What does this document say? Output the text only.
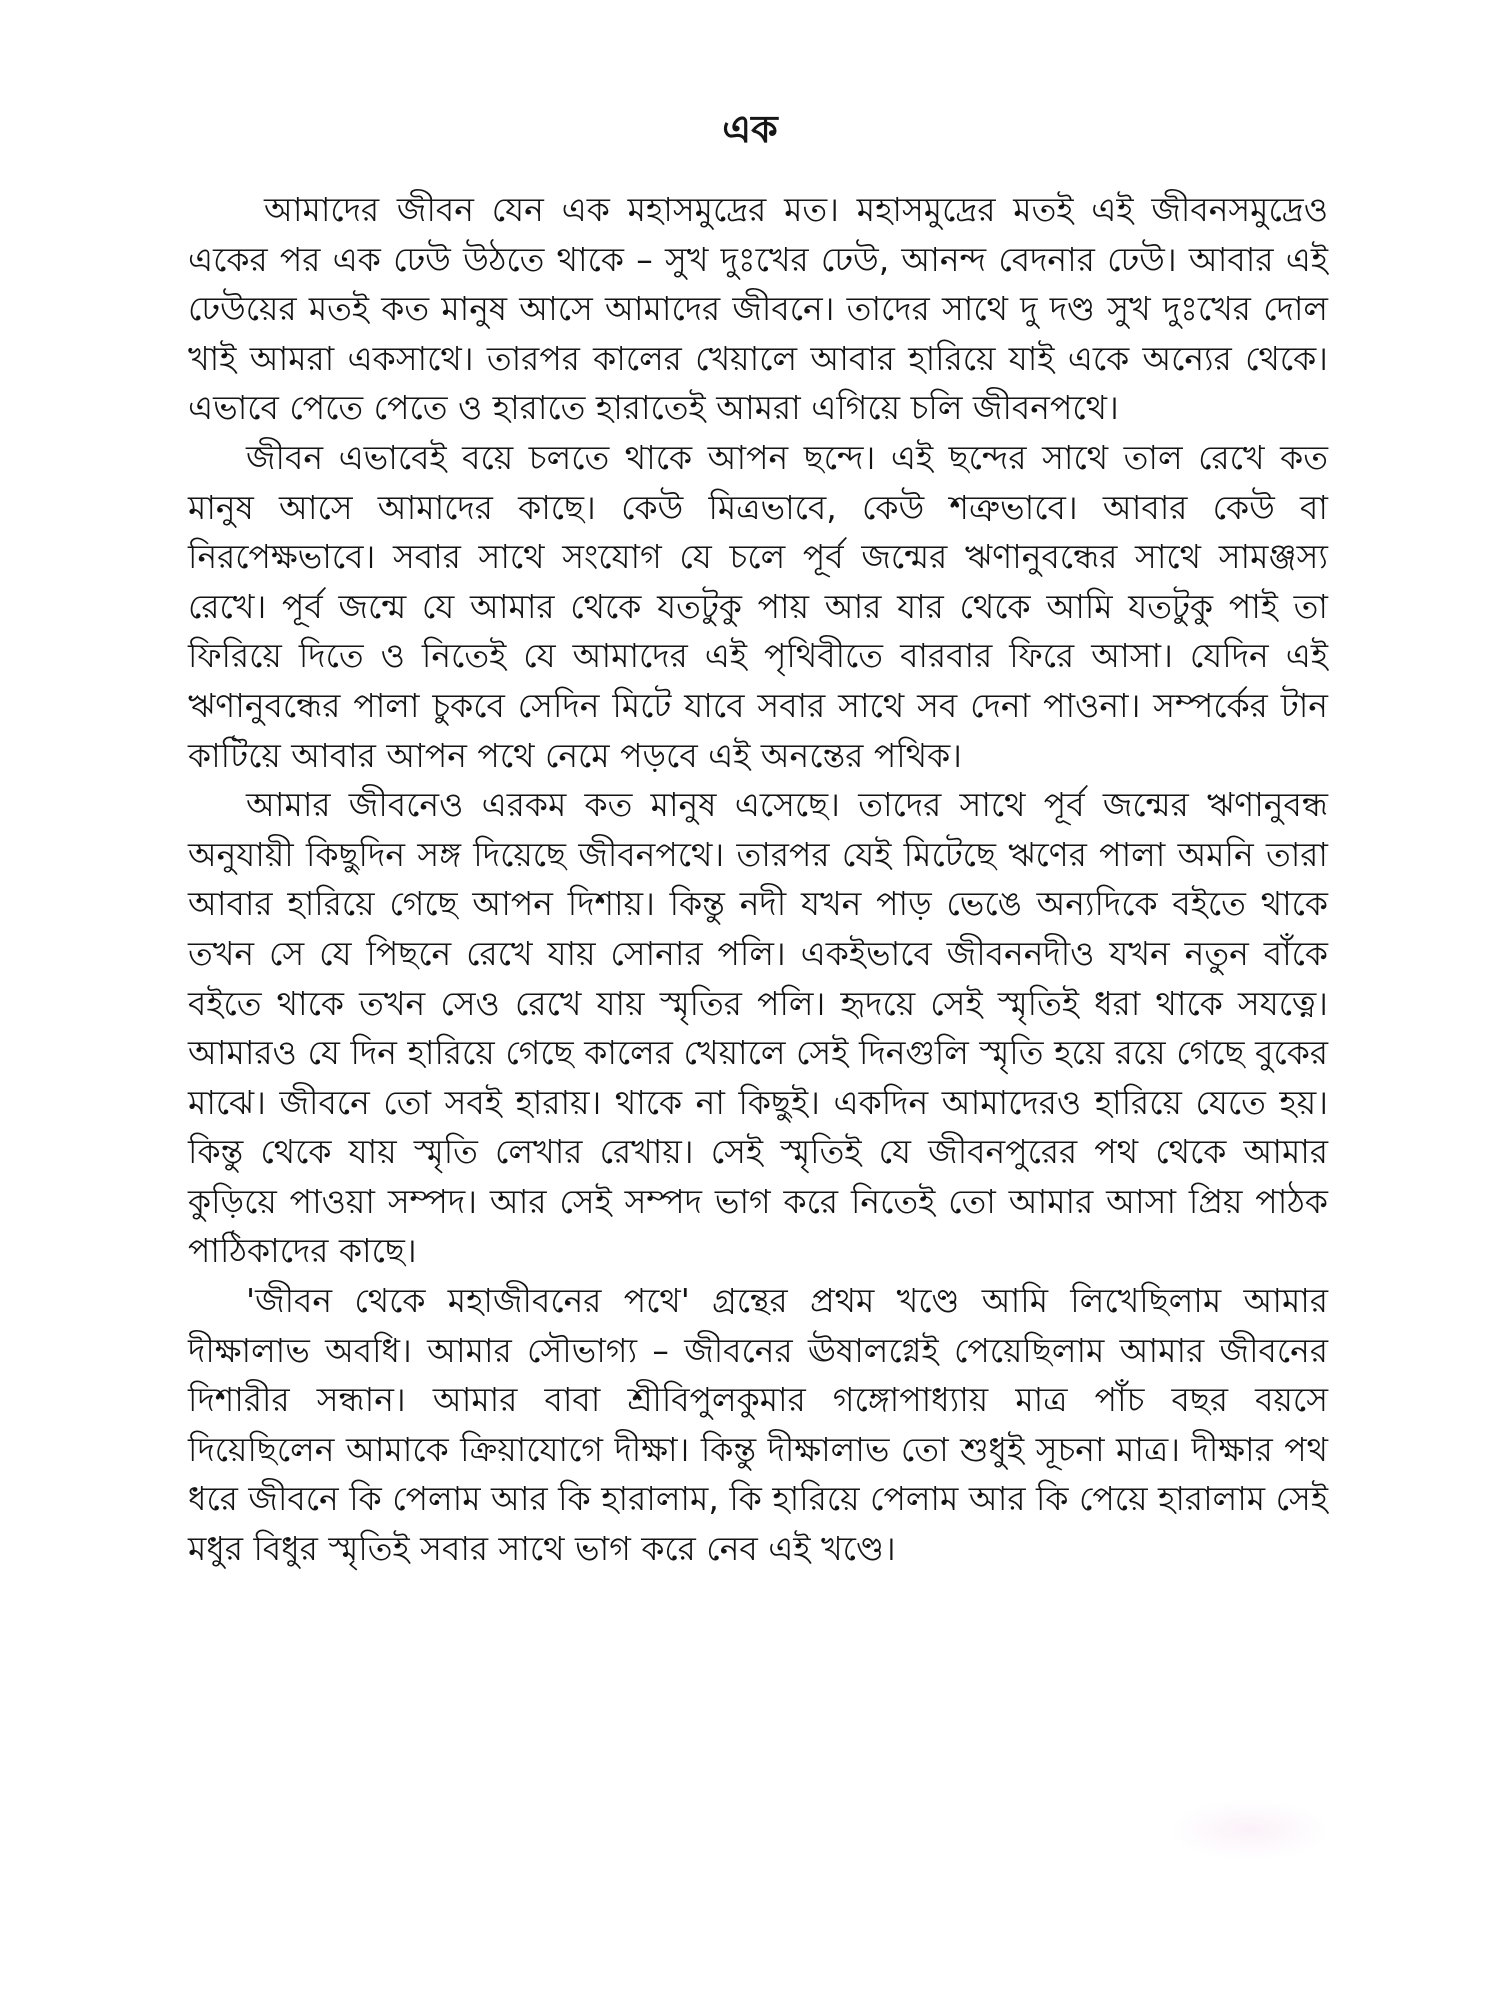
এক

আমাদের জীবন যেন এক মহাসমুদ্রের মত। মহাসমুদ্রের মতই এই জীবনসমুদ্রেও একের পর এক ঢেউ উঠতে থাকে – সুখ দুঃখের ঢেউ, আনন্দ বেদনার ঢেউ। আবার এই ঢেউয়ের মতই কত মানুষ আসে আমাদের জীবনে। তাদের সাথে দু দণ্ড সুখ দুঃখের দোল খাই আমরা একসাথে। তারপর কালের খেয়ালে আবার হারিয়ে যাই একে অন্যের থেকে। এভাবে পেতে পেতে ও হারাতে হারাতেই আমরা এগিয়ে চলি জীবনপথে।

জীবন এভাবেই বয়ে চলতে থাকে আপন ছন্দে। এই ছন্দের সাথে তাল রেখে কত মানুষ আসে আমাদের কাছে। কেউ মিত্রভাবে, কেউ শত্রুভাবে। আবার কেউ বা নিরপেক্ষভাবে। সবার সাথে সংযোগ যে চলে পূর্ব জন্মের ঋণানুবন্ধের সাথে সামঞ্জস্য রেখে। পূর্ব জন্মে যে আমার থেকে যতটুকু পায় আর যার থেকে আমি যতটুকু পাই তা ফিরিয়ে দিতে ও নিতেই যে আমাদের এই পৃথিবীতে বারবার ফিরে আসা। যেদিন এই ঋণানুবন্ধের পালা চুকবে সেদিন মিটে যাবে সবার সাথে সব দেনা পাওনা। সম্পর্কের টান কাটিয়ে আবার আপন পথে নেমে পড়বে এই অনন্তের পথিক।

আমার জীবনেও এরকম কত মানুষ এসেছে। তাদের সাথে পূর্ব জন্মের ঋণানুবন্ধ অনুযায়ী কিছুদিন সঙ্গ দিয়েছে জীবনপথে। তারপর যেই মিটেছে ঋণের পালা অমনি তারা আবার হারিয়ে গেছে আপন দিশায়। কিন্তু নদী যখন পাড় ভেঙে অন্যদিকে বইতে থাকে তখন সে যে পিছনে রেখে যায় সোনার পলি। একইভাবে জীবননদীও যখন নতুন বাঁকে বইতে থাকে তখন সেও রেখে যায় স্মৃতির পলি। হৃদয়ে সেই স্মৃতিই ধরা থাকে সযত্নে। আমারও যে দিন হারিয়ে গেছে কালের খেয়ালে সেই দিনগুলি স্মৃতি হয়ে রয়ে গেছে বুকের মাঝে। জীবনে তো সবই হারায়। থাকে না কিছুই। একদিন আমাদেরও হারিয়ে যেতে হয়। কিন্তু থেকে যায় স্মৃতি লেখার রেখায়। সেই স্মৃতিই যে জীবনপুরের পথ থেকে আমার কুড়িয়ে পাওয়া সম্পদ। আর সেই সম্পদ ভাগ করে নিতেই তো আমার আসা প্রিয় পাঠক পাঠিকাদের কাছে।

'জীবন থেকে মহাজীবনের পথে' গ্রন্থের প্রথম খণ্ডে আমি লিখেছিলাম আমার দীক্ষালাভ অবধি। আমার সৌভাগ্য – জীবনের ঊষালগ্নেই পেয়েছিলাম আমার জীবনের দিশারীর সন্ধান। আমার বাবা শ্রীবিপুলকুমার গঙ্গোপাধ্যায় মাত্র পাঁচ বছর বয়সে দিয়েছিলেন আমাকে ক্রিয়াযোগে দীক্ষা। কিন্তু দীক্ষালাভ তো শুধুই সূচনা মাত্র। দীক্ষার পথ ধরে জীবনে কি পেলাম আর কি হারালাম, কি হারিয়ে পেলাম আর কি পেয়ে হারালাম সেই মধুর বিধুর স্মৃতিই সবার সাথে ভাগ করে নেব এই খণ্ডে।
